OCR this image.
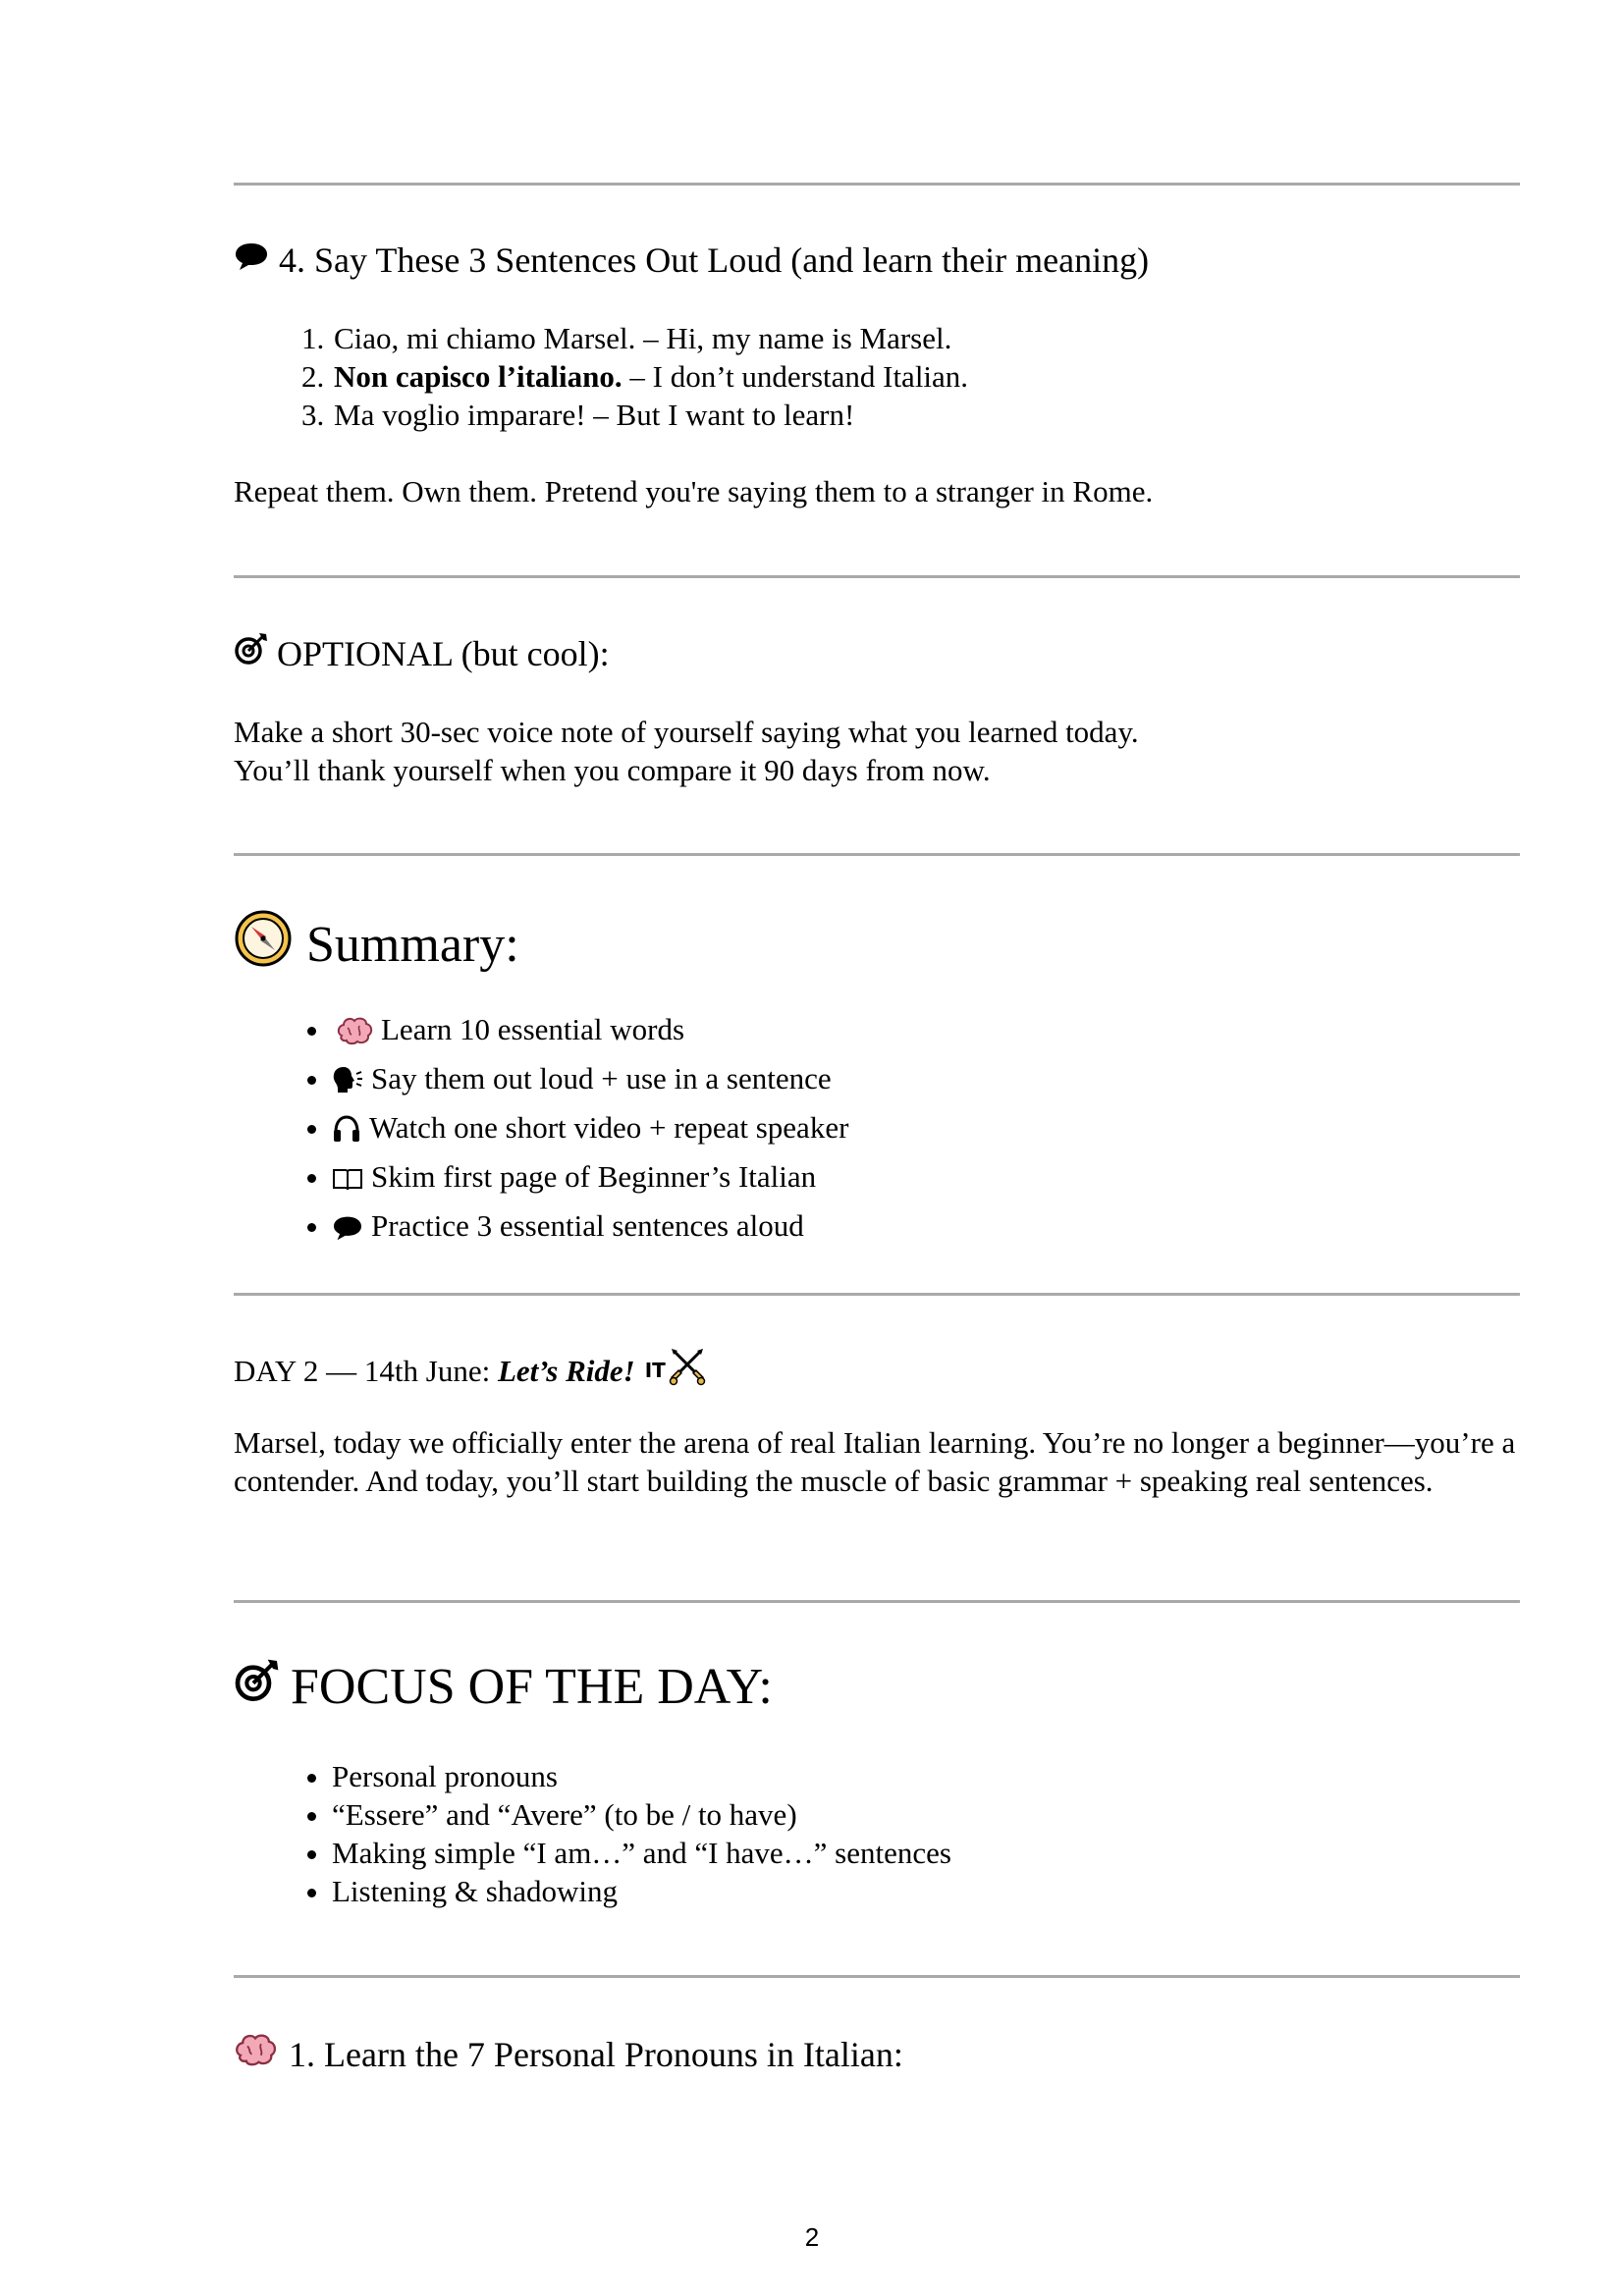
4. Say These 3 Sentences Out Loud (and learn their meaning)
1. Ciao, mi chiamo Marsel. – Hi, my name is Marsel.
2. Non capisco l’italiano. – I don’t understand Italian.
3. Ma voglio imparare! – But I want to learn!
Repeat them. Own them. Pretend you're saying them to a stranger in Rome.
OPTIONAL (but cool):
Make a short 30-sec voice note of yourself saying what you learned today.
You’ll thank yourself when you compare it 90 days from now.
Summary:
• Learn 10 essential words
• Say them out loud + use in a sentence
• Watch one short video + repeat speaker
• Skim first page of Beginner’s Italian
• Practice 3 essential sentences aloud
DAY 2 — 14th June: Let’s Ride! IT
Marsel, today we officially enter the arena of real Italian learning. You’re no longer a beginner—you’re a contender. And today, you’ll start building the muscle of basic grammar + speaking real sentences.
FOCUS OF THE DAY:
• Personal pronouns
• “Essere” and “Avere” (to be / to have)
• Making simple “I am…” and “I have…” sentences
• Listening & shadowing
1. Learn the 7 Personal Pronouns in Italian:
2
